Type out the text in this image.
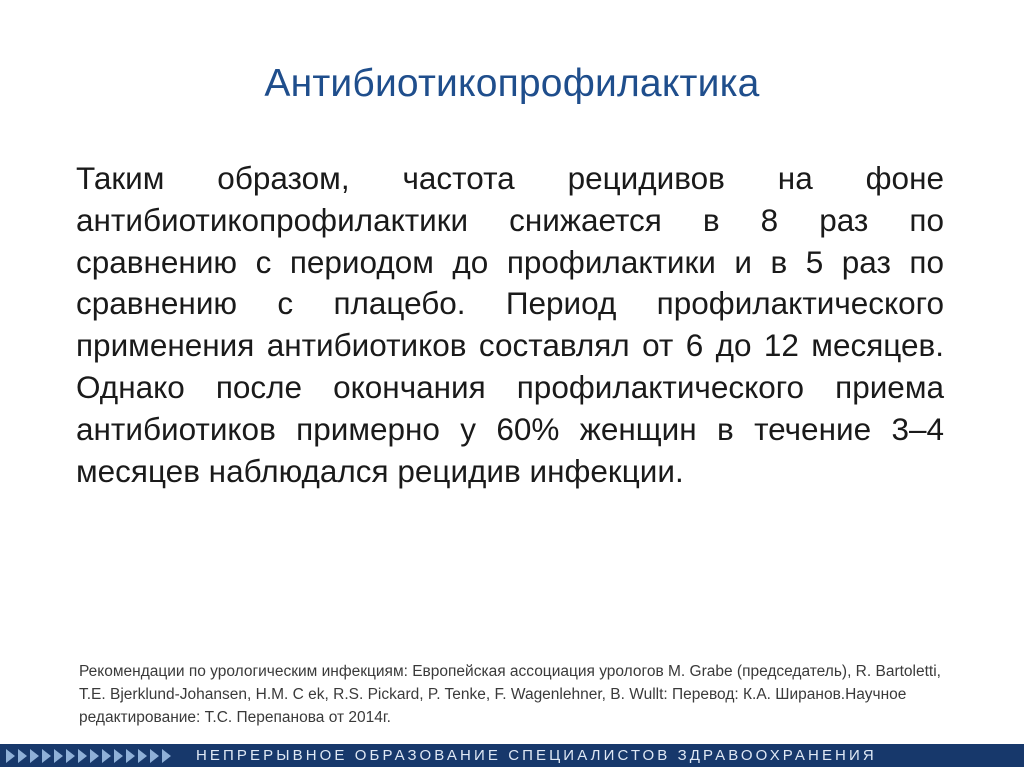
Антибиотикопрофилактика

Таким образом, частота рецидивов на фоне антибиотикопрофилактики снижается в 8 раз по сравнению с периодом до профилактики и в 5 раз по сравнению с плацебо. Период профилактического применения антибиотиков составлял от 6 до 12 месяцев. Однако после окончания профилактического приема антибиотиков примерно у 60% женщин в течение 3–4 месяцев наблюдался рецидив инфекции.

Рекомендации по урологическим инфекциям: Европейская ассоциация урологов M. Grabe (председатель), R. Bartoletti, T.E. Bjerklund-Johansen, H.M. C ek, R.S. Pickard, P. Tenke, F. Wagenlehner, B. Wullt: Перевод: К.А. Ширанов.Научное редактирование: Т.С. Перепанова от 2014г.

НЕПРЕРЫВНОЕ ОБРАЗОВАНИЕ СПЕЦИАЛИСТОВ ЗДРАВООХРАНЕНИЯ
